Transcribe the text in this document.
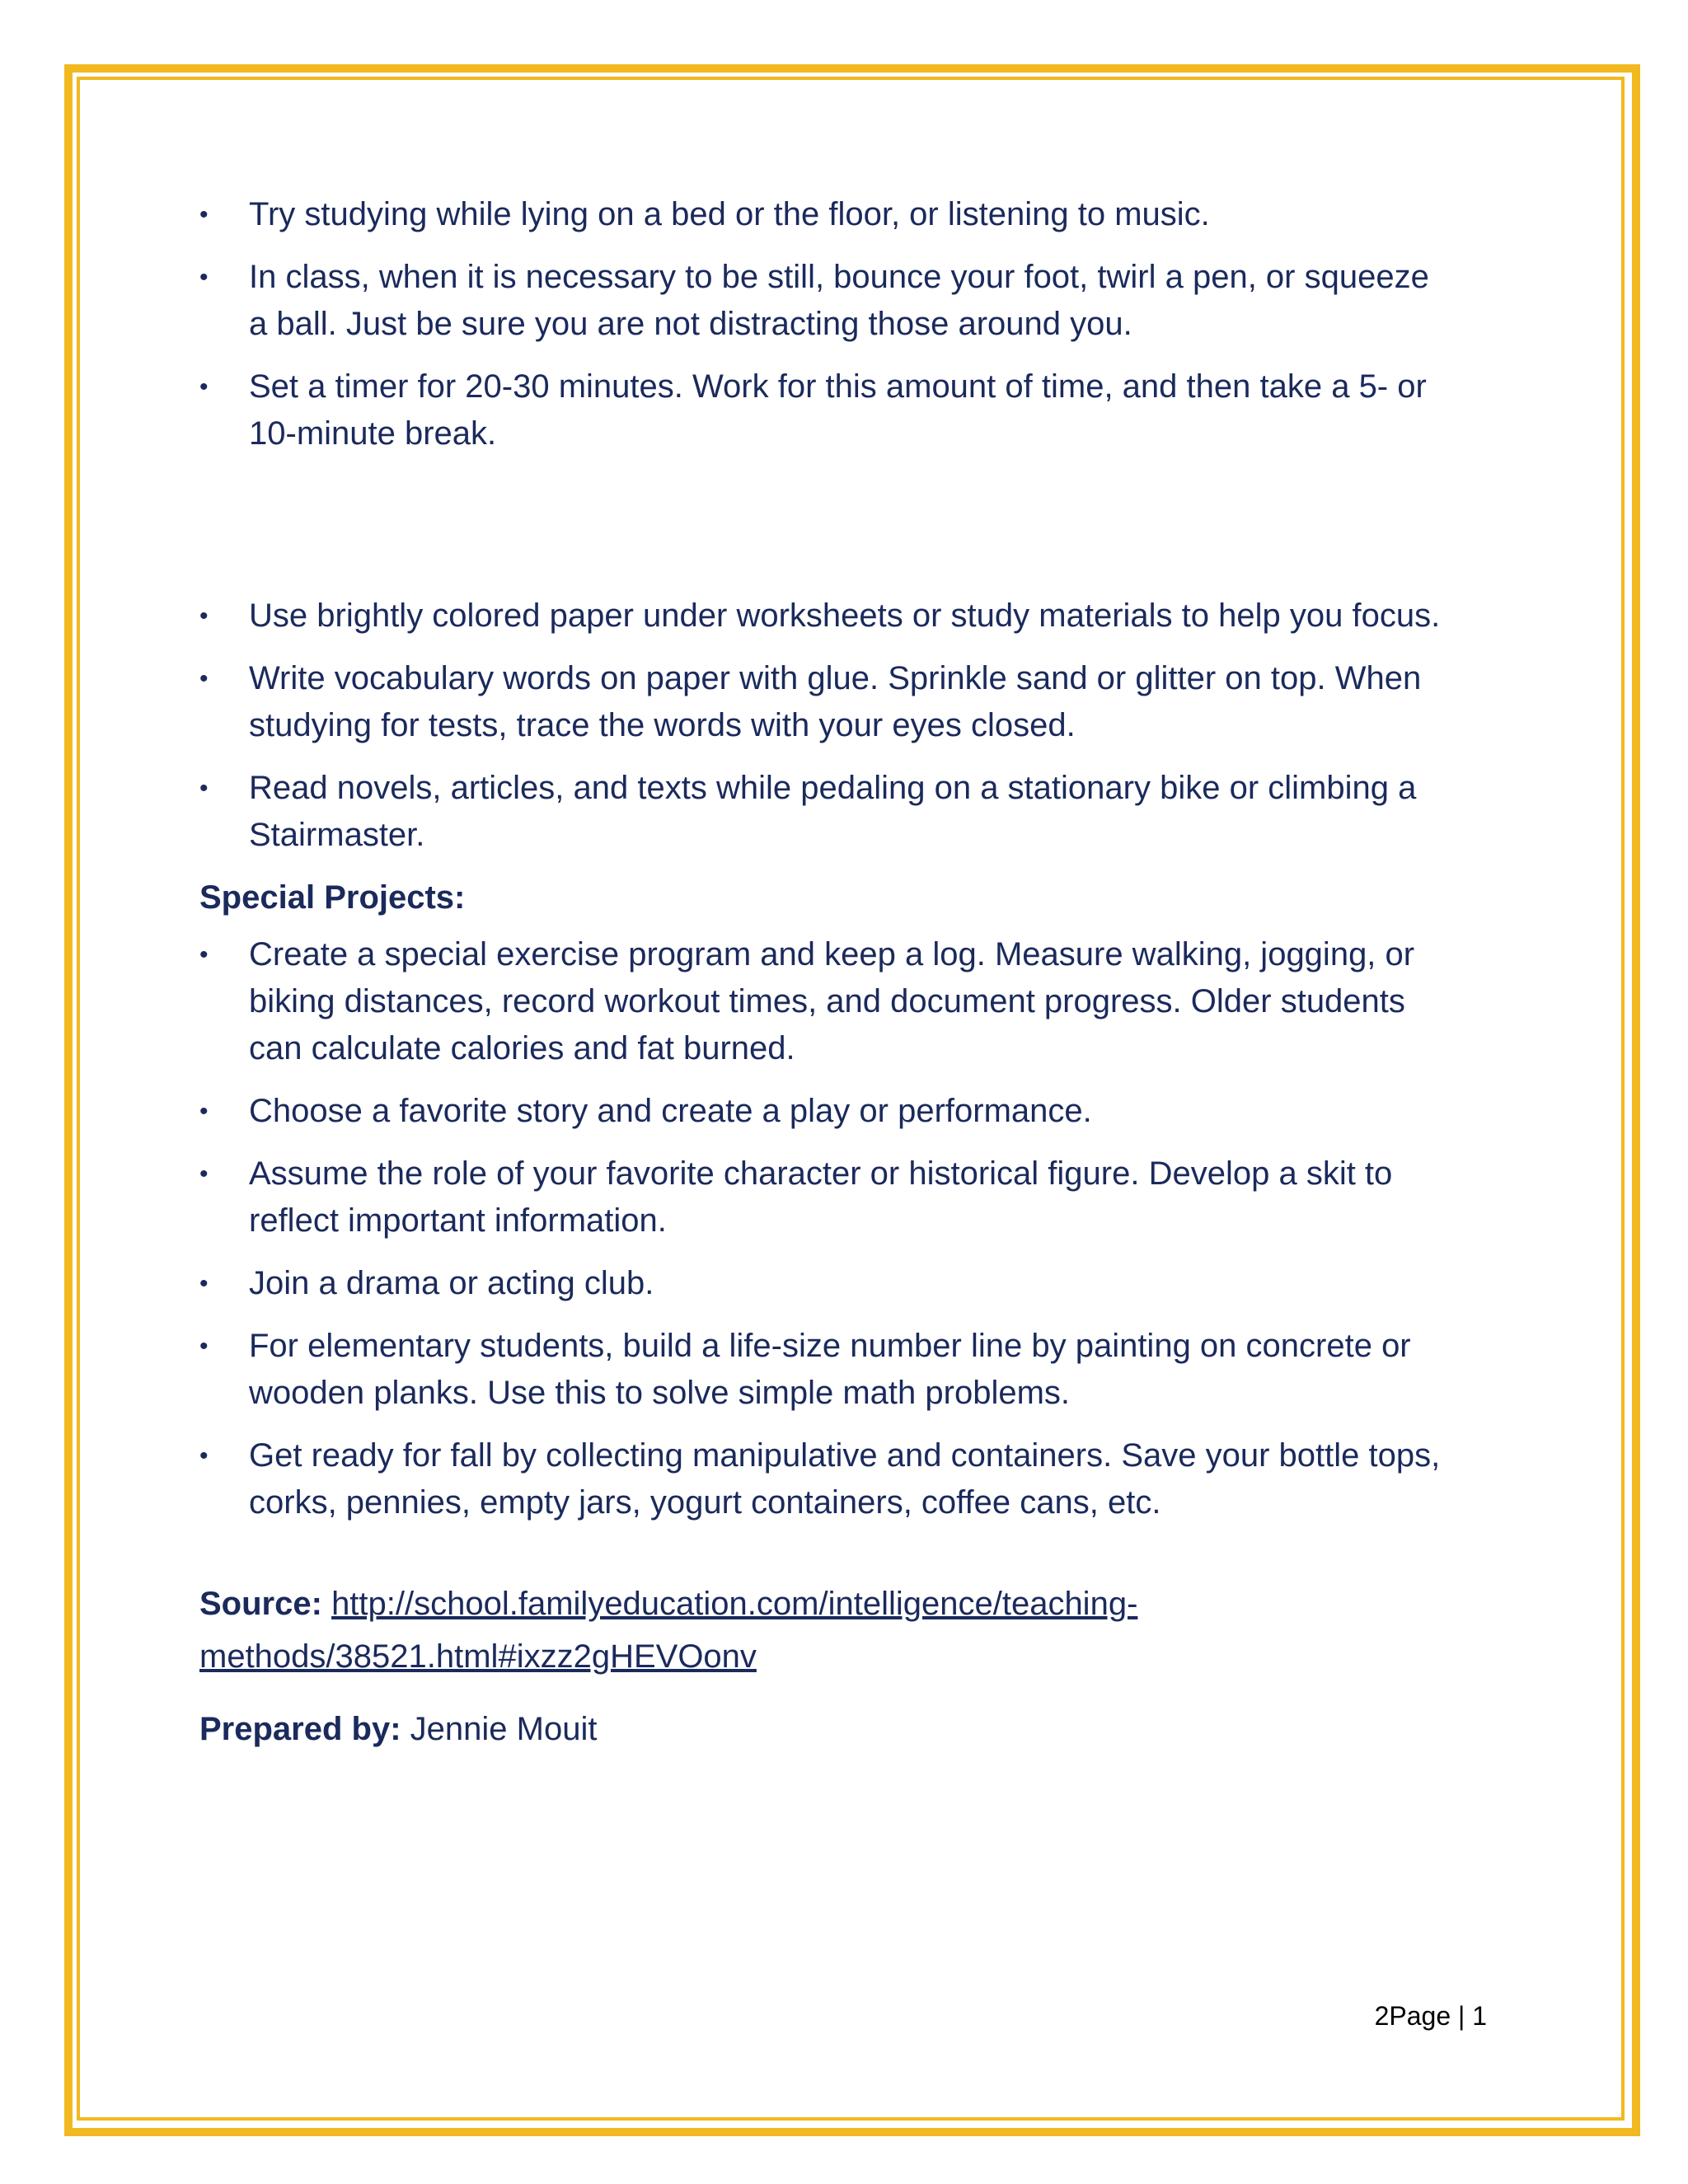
• Try studying while lying on a bed or the floor, or listening to music.
• In class, when it is necessary to be still, bounce your foot, twirl a pen, or squeeze a ball. Just be sure you are not distracting those around you.
• Set a timer for 20-30 minutes. Work for this amount of time, and then take a 5- or 10-minute break.
• Use brightly colored paper under worksheets or study materials to help you focus.
• Write vocabulary words on paper with glue. Sprinkle sand or glitter on top. When studying for tests, trace the words with your eyes closed.
• Read novels, articles, and texts while pedaling on a stationary bike or climbing a Stairmaster.
Special Projects:
• Create a special exercise program and keep a log. Measure walking, jogging, or biking distances, record workout times, and document progress. Older students can calculate calories and fat burned.
• Choose a favorite story and create a play or performance.
• Assume the role of your favorite character or historical figure. Develop a skit to reflect important information.
• Join a drama or acting club.
• For elementary students, build a life-size number line by painting on concrete or wooden planks. Use this to solve simple math problems.
• Get ready for fall by collecting manipulative and containers. Save your bottle tops, corks, pennies, empty jars, yogurt containers, coffee cans, etc.
Source: http://school.familyeducation.com/intelligence/teaching-methods/38521.html#ixzz2gHEVOonv
Prepared by: Jennie Mouit
2Page | 1
